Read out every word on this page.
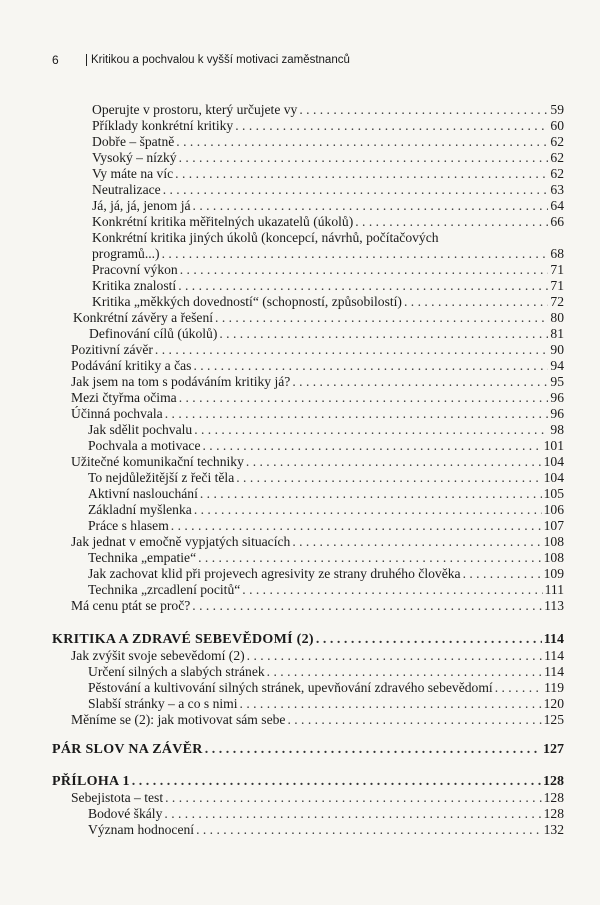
6	Kritikou a pochvalou k vyšší motivaci zaměstnanců
Operujte v prostoru, který určujete vy . . .	59
Příklady konkrétní kritiky . . .	60
Dobře – špatně . . .	62
Vysoký – nízký . . .	62
Vy máte na víc . . .	62
Neutralizace . . .	63
Já, já, já, jenom já . . .	64
Konkrétní kritika měřitelných ukazatelů (úkolů) . . .	66
Konkrétní kritika jiných úkolů (koncepcí, návrhů, počítačových
programů...) . . .	68
Pracovní výkon . . .	71
Kritika znalostí . . .	71
Kritika „měkkých dovedností“ (schopností, způsobilostí) . . .	72
Konkrétní závěry a řešení . . .	80
Definování cílů (úkolů) . . .	81
Pozitivní závěr . . .	90
Podávání kritiky a čas . . .	94
Jak jsem na tom s podáváním kritiky já? . . .	95
Mezi čtyřma očima . . .	96
Účinná pochvala . . .	96
Jak sdělit pochvalu . . .	98
Pochvala a motivace . . .	101
Užitečné komunikační techniky . . .	104
To nejdůležitější z řeči těla . . .	104
Aktivní naslouchání . . .	105
Základní myšlenka . . .	106
Práce s hlasem . . .	107
Jak jednat v emočně vypjatých situacích . . .	108
Technika „empatie“ . . .	108
Jak zachovat klid při projevech agresivity ze strany druhého člověka . . .	109
Technika „zrcadlení pocitů“ . . .	111
Má cenu ptát se proč? . . .	113
KRITIKA A ZDRAVÉ SEBEVĚDOMÍ (2) . . .	114
Jak zvýšit svoje sebevědomí (2) . . .	114
Určení silných a slabých stránek . . .	114
Pěstování a kultivování silných stránek, upevňování zdravého sebevědomí . . .	119
Slabší stránky – a co s nimi . . .	120
Měníme se (2): jak motivovat sám sebe . . .	125
PÁR SLOV NA ZÁVĚR . . .	127
PŘÍLOHA 1 . . .	128
Sebejistota – test . . .	128
Bodové škály . . .	128
Význam hodnocení . . .	132
